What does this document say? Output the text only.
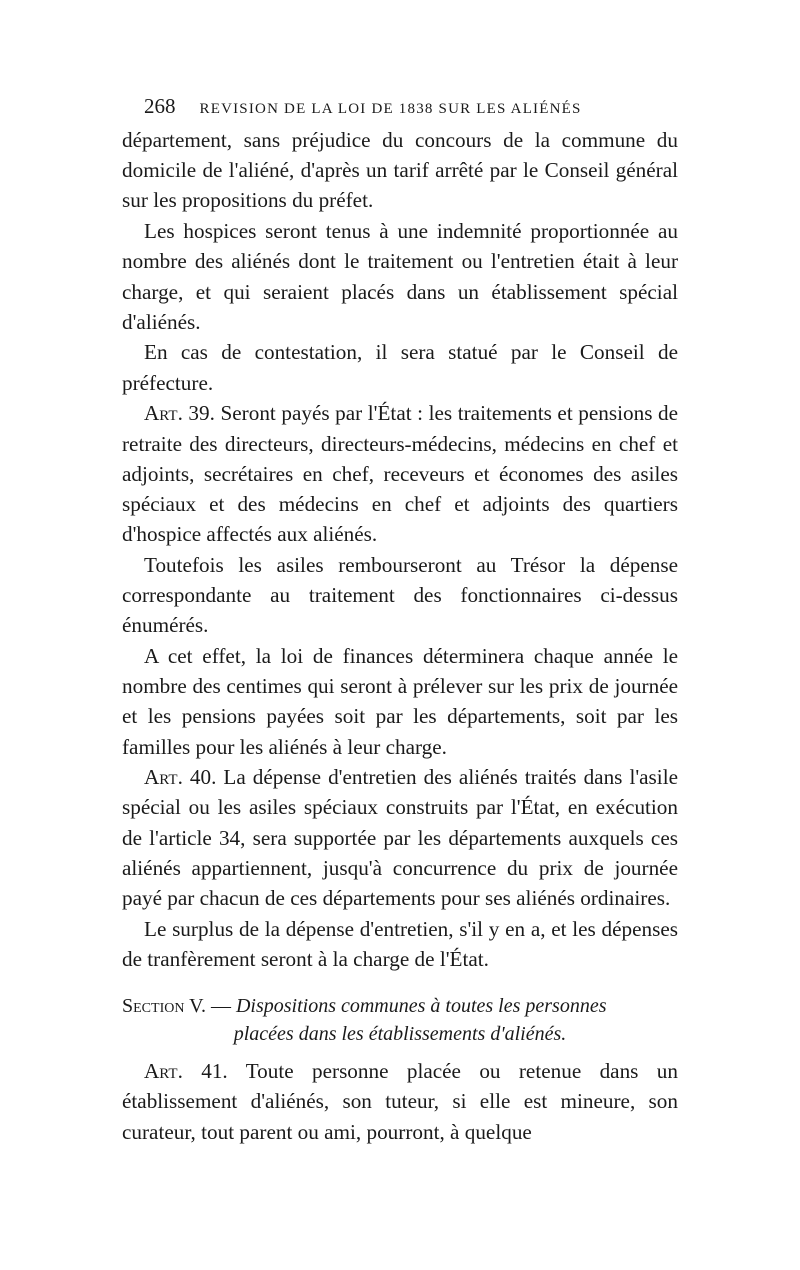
268 REVISION DE LA LOI DE 1838 SUR LES ALIÉNÉS

département, sans préjudice du concours de la commune du domicile de l'aliéné, d'après un tarif arrêté par le Conseil général sur les propositions du préfet.

Les hospices seront tenus à une indemnité proportionnée au nombre des aliénés dont le traitement ou l'entretien était à leur charge, et qui seraient placés dans un établissement spécial d'aliénés.

En cas de contestation, il sera statué par le Conseil de préfecture.

Art. 39. Seront payés par l'État : les traitements et pensions de retraite des directeurs, directeurs-médecins, médecins en chef et adjoints, secrétaires en chef, receveurs et économes des asiles spéciaux et des médecins en chef et adjoints des quartiers d'hospice affectés aux aliénés.

Toutefois les asiles rembourseront au Trésor la dépense correspondante au traitement des fonctionnaires ci-dessus énumérés.

A cet effet, la loi de finances déterminera chaque année le nombre des centimes qui seront à prélever sur les prix de journée et les pensions payées soit par les départements, soit par les familles pour les aliénés à leur charge.

Art. 40. La dépense d'entretien des aliénés traités dans l'asile spécial ou les asiles spéciaux construits par l'État, en exécution de l'article 34, sera supportée par les départements auxquels ces aliénés appartiennent, jusqu'à concurrence du prix de journée payé par chacun de ces départements pour ses aliénés ordinaires.

Le surplus de la dépense d'entretien, s'il y en a, et les dépenses de tranfèrement seront à la charge de l'État.

Section V. — Dispositions communes à toutes les personnes
placées dans les établissements d'aliénés.

Art. 41. Toute personne placée ou retenue dans un établissement d'aliénés, son tuteur, si elle est mineure, son curateur, tout parent ou ami, pourront, à quelque
